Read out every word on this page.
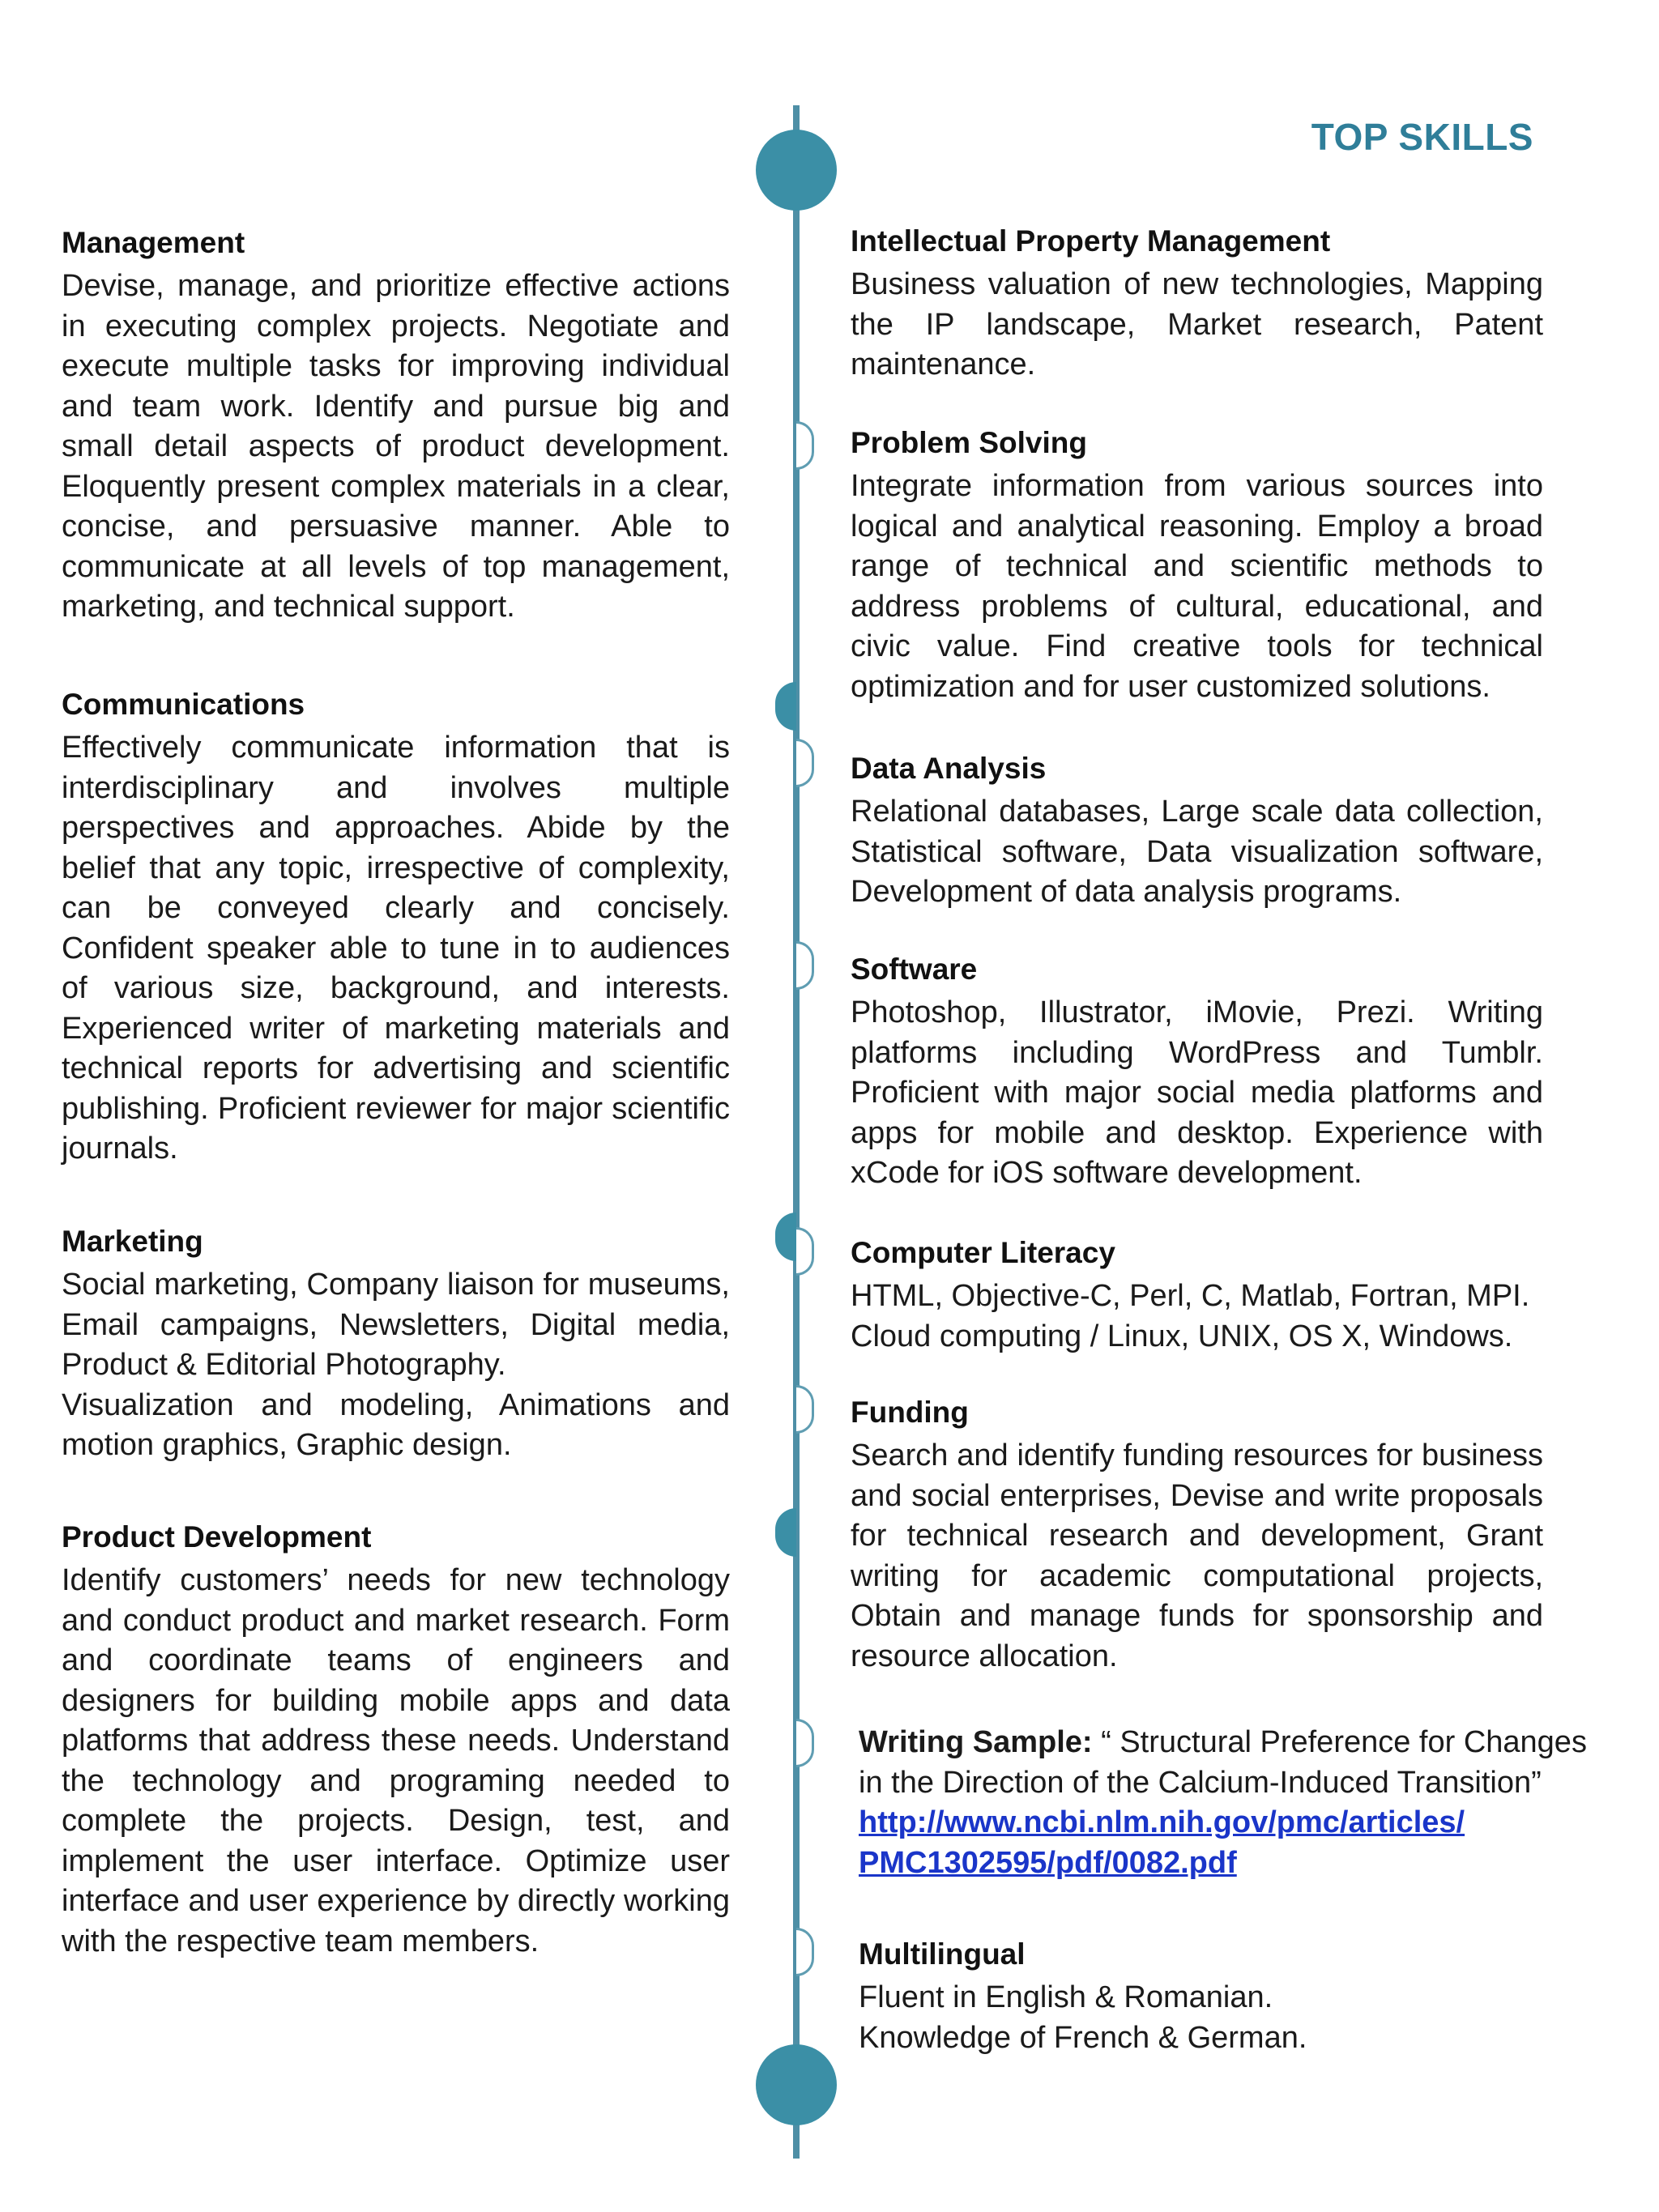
TOP SKILLS
Management

Devise, manage, and prioritize effective actions in executing complex projects. Negotiate and execute multiple tasks for improving individual and team work. Identify and pursue big and small detail aspects of product development. Eloquently present complex materials in a clear, concise, and persuasive manner. Able to communicate at all levels of top management, marketing, and technical support.

Communications

Effectively communicate information that is interdisciplinary and involves multiple perspectives and approaches. Abide by the belief that any topic, irrespective of complexity, can be conveyed clearly and concisely. Confident speaker able to tune in to audiences of various size, background, and interests. Experienced writer of marketing materials and technical reports for advertising and scientific publishing. Proficient reviewer for major scientific journals.

Marketing

Social marketing, Company liaison for museums, Email campaigns, Newsletters, Digital media, Product & Editorial Photography.

Visualization and modeling, Animations and motion graphics, Graphic design.

Product Development

Identify customers’ needs for new technology and conduct product and market research. Form and coordinate teams of engineers and designers for building mobile apps and data platforms that address these needs. Understand the technology and programing needed to complete the projects. Design, test, and implement the user interface. Optimize user interface and user experience by directly working with the respective team members.

Intellectual Property Management

Business valuation of new technologies, Mapping the IP landscape, Market research, Patent maintenance.

Problem Solving

Integrate information from various sources into logical and analytical reasoning. Employ a broad range of technical and scientific methods to address problems of cultural, educational, and civic value. Find creative tools for technical optimization and for user customized solutions.

Data Analysis

Relational databases, Large scale data collection, Statistical software, Data visualization software, Development of data analysis programs.

Software

Photoshop, Illustrator, iMovie, Prezi. Writing platforms including WordPress and Tumblr. Proficient with major social media platforms and apps for mobile and desktop. Experience with xCode for iOS software development.

Computer Literacy

HTML, Objective-C, Perl, C, Matlab, Fortran, MPI.
Cloud computing / Linux, UNIX, OS X, Windows.

Funding

Search and identify funding resources for business and social enterprises, Devise and write proposals for technical research and development, Grant writing for academic computational projects, Obtain and manage funds for sponsorship and resource allocation.

Writing Sample: “ Structural Preference for Changes in the Direction of the Calcium-Induced Transition”

http://www.ncbi.nlm.nih.gov/pmc/articles/
PMC1302595/pdf/0082.pdf

Multilingual

Fluent in English & Romanian.
Knowledge of French & German.
